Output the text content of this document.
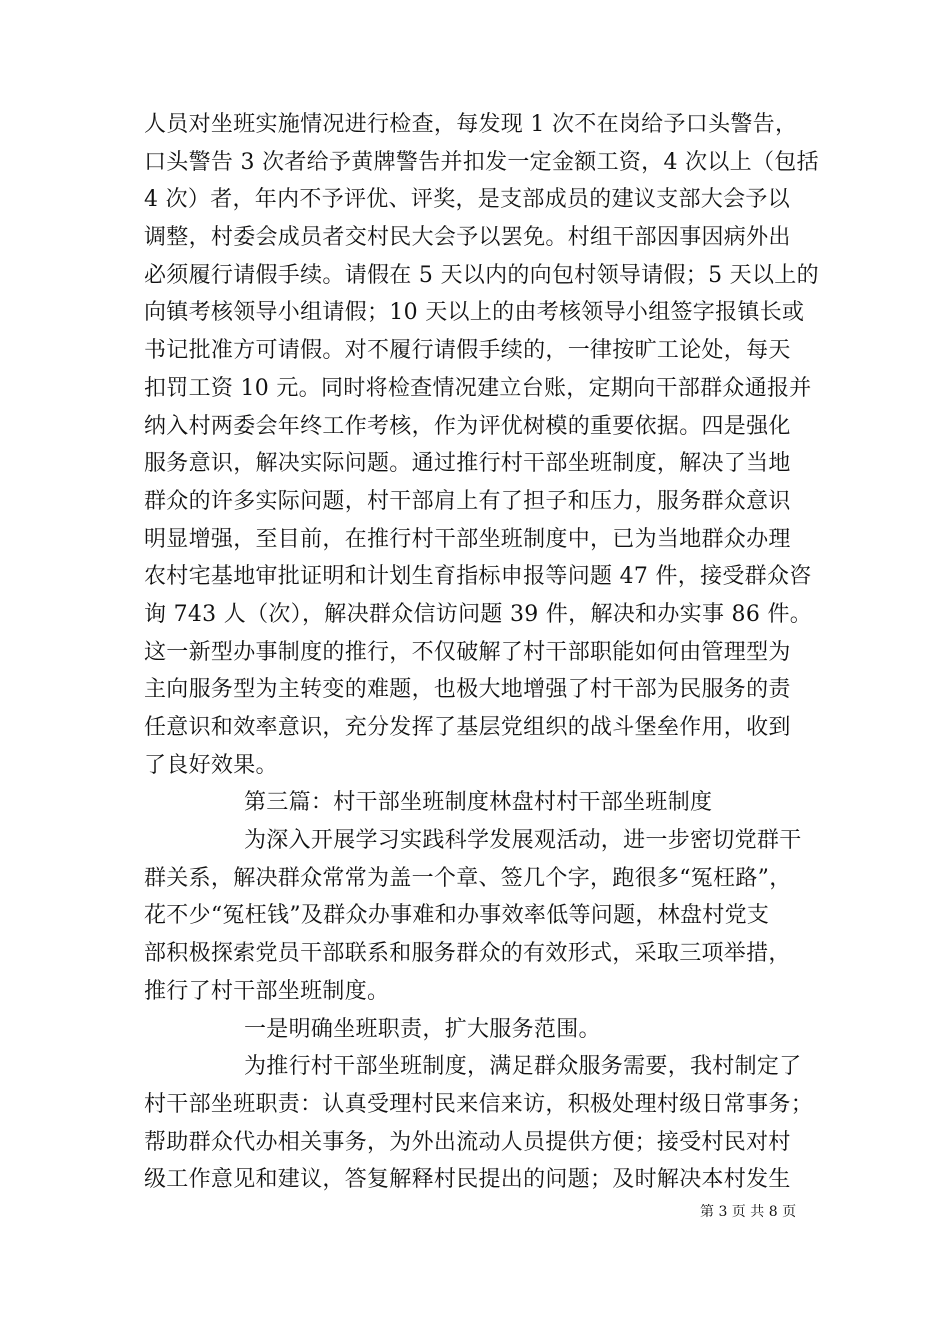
人员对坐班实施情况进行检查，每发现 1 次不在岗给予口头警告，
口头警告 3 次者给予黄牌警告并扣发一定金额工资，4 次以上（包括
4 次）者，年内不予评优、评奖，是支部成员的建议支部大会予以
调整，村委会成员者交村民大会予以罢免。村组干部因事因病外出
必须履行请假手续。请假在 5 天以内的向包村领导请假；5 天以上的
向镇考核领导小组请假；10 天以上的由考核领导小组签字报镇长或
书记批准方可请假。对不履行请假手续的，一律按旷工论处，每天
扣罚工资 10 元。同时将检查情况建立台账，定期向干部群众通报并
纳入村两委会年终工作考核，作为评优树模的重要依据。四是强化
服务意识，解决实际问题。通过推行村干部坐班制度，解决了当地
群众的许多实际问题，村干部肩上有了担子和压力，服务群众意识
明显增强，至目前，在推行村干部坐班制度中，已为当地群众办理
农村宅基地审批证明和计划生育指标申报等问题 47 件，接受群众咨
询 743 人（次），解决群众信访问题 39 件，解决和办实事 86 件。
这一新型办事制度的推行，不仅破解了村干部职能如何由管理型为
主向服务型为主转变的难题，也极大地增强了村干部为民服务的责
任意识和效率意识，充分发挥了基层党组织的战斗堡垒作用，收到
了良好效果。
第三篇：村干部坐班制度林盘村村干部坐班制度
为深入开展学习实践科学发展观活动，进一步密切党群干
群关系，解决群众常常为盖一个章、签几个字，跑很多“冤枉路”，
花不少“冤枉钱”及群众办事难和办事效率低等问题，林盘村党支
部积极探索党员干部联系和服务群众的有效形式，采取三项举措，
推行了村干部坐班制度。
一是明确坐班职责，扩大服务范围。
为推行村干部坐班制度，满足群众服务需要，我村制定了
村干部坐班职责：认真受理村民来信来访，积极处理村级日常事务；
帮助群众代办相关事务，为外出流动人员提供方便；接受村民对村
级工作意见和建议，答复解释村民提出的问题；及时解决本村发生
第 3 页 共 8 页
